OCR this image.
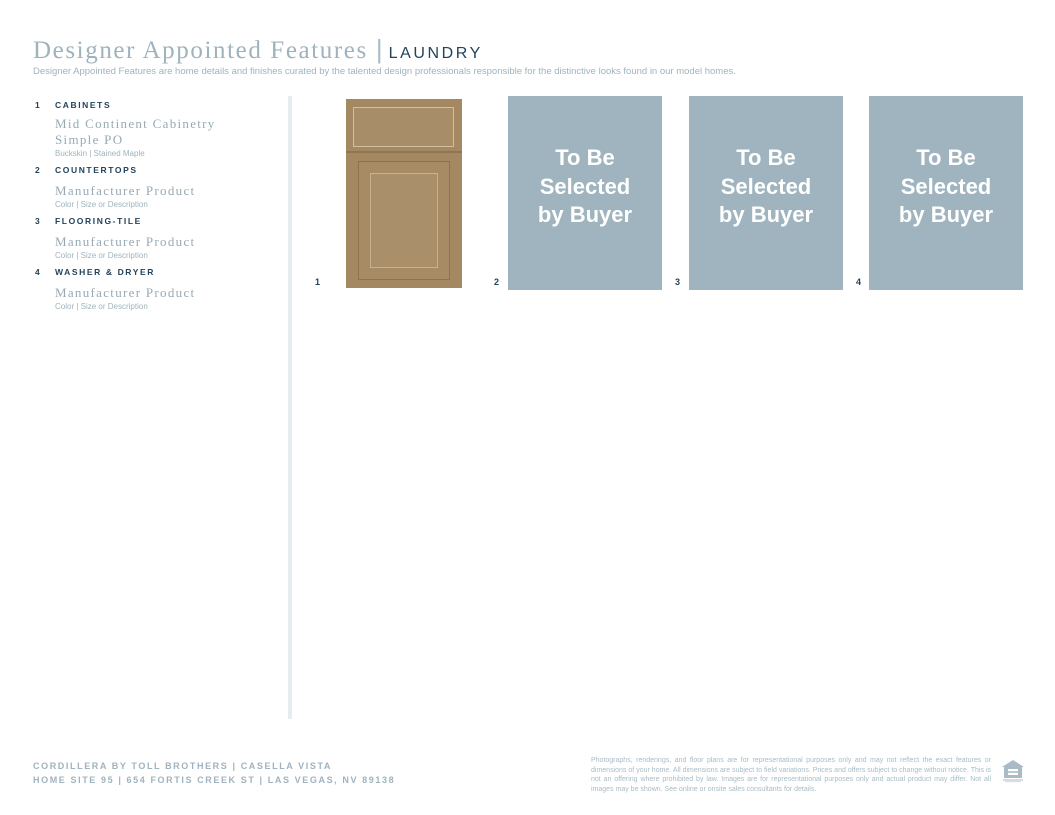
Designer Appointed Features | LAUNDRY
Designer Appointed Features are home details and finishes curated by the talented design professionals responsible for the distinctive looks found in our model homes.
1 CABINETS
Mid Continent Cabinetry
Simple PO
Buckskin | Stained Maple
2 COUNTERTOPS
Manufacturer Product
Color | Size or Description
3 FLOORING-TILE
Manufacturer Product
Color | Size or Description
4 WASHER & DRYER
Manufacturer Product
Color | Size or Description
1	2
To Be
Selected
by Buyer
3
To Be
Selected
by Buyer
4
To Be
Selected
by Buyer
CORDILLERA BY TOLL BROTHERS | CASELLA VISTA
HOME SITE 95 | 654 FORTIS CREEK ST | LAS VEGAS, NV 89138
Photographs, renderings, and floor plans are for representational purposes only and may not reflect the exact features or dimensions of your home. All dimensions are subject to field variations. Prices and offers subject to change without notice. This is not an offering where prohibited by law. Images are for representational purposes only and actual product may differ. Not all images may be shown. See online or onsite sales consultants for details.
